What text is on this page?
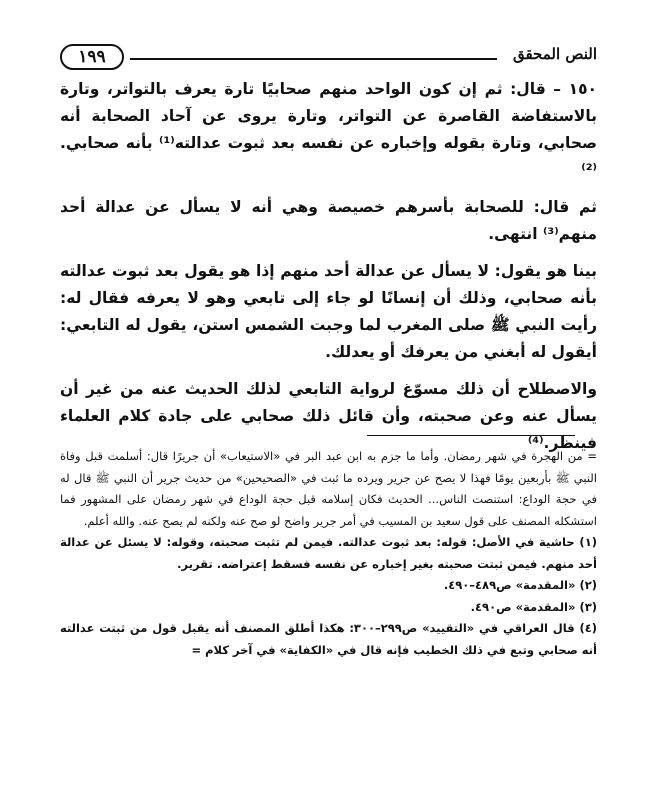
١٩٩	النص المحقق

١٥٠ – قال: ثم إن كون الواحد منهم صحابيًا تارة يعرف بالتواتر، وتارة بالاستفاضة القاصرة عن التواتر، وتارة يروى عن آحاد الصحابة أنه صحابي، وتارة بقوله وإخباره عن نفسه بعد ثبوت عدالته⁽¹⁾ بأنه صحابي.⁽²⁾

ثم قال: للصحابة بأسرهم خصيصة وهي أنه لا يسأل عن عدالة أحد منهم⁽³⁾ انتهى.

بينا هو يقول: لا يسأل عن عدالة أحد منهم إذا هو يقول بعد ثبوت عدالته بأنه صحابي، وذلك أن إنسانًا لو جاء إلى تابعي وهو لا يعرفه فقال له: رأيت النبي ﷺ صلى المغرب لما وجبت الشمس استن، يقول له التابعي: أيقول له أبغني من يعرفك أو يعدلك.

والاصطلاح أن ذلك مسوّغ لرواية التابعي لذلك الحديث عنه من غير أن يسأل عنه وعن صحبته، وأن قائل ذلك صحابي على جادة كلام العلماء فينظر.⁽⁴⁾

= من الهجرة في شهر رمضان. وأما ما جزم به ابن عبد البر في «الاستيعاب» أن جريرًا قال: أسلمت قبل وفاة النبي ﷺ بأربعين يومًا فهذا لا يصح عن جرير ويرده ما ثبت في «الصحيحين» من حديث جرير أن النبي ﷺ قال له في حجة الوداع: استنصت الناس... الحديث فكان إسلامه قبل حجة الوداع في شهر رمضان على المشهور فما استشكله المصنف على قول سعيد بن المسيب في أمر جرير واضح لو صح عنه ولكنه لم يصح عنه. والله أعلم.

(١) حاشية في الأصل: قوله: بعد ثبوت عدالته. فيمن لم تثبت صحبته، وقوله: لا يسئل عن عدالة أحد منهم. فيمن ثبتت صحبته بغير إخباره عن نفسه فسقط إعتراضه. تقرير.

(٢) «المقدمة» ص٤٨٩–٤٩٠.

(٣) «المقدمة» ص٤٩٠.

(٤) قال العراقي في «التقييد» ص٢٩٩–٣٠٠: هكذا أطلق المصنف أنه يقبل قول من ثبتت عدالته أنه صحابي وتبع في ذلك الخطيب فإنه قال في «الكفاية» في آخر كلام =
